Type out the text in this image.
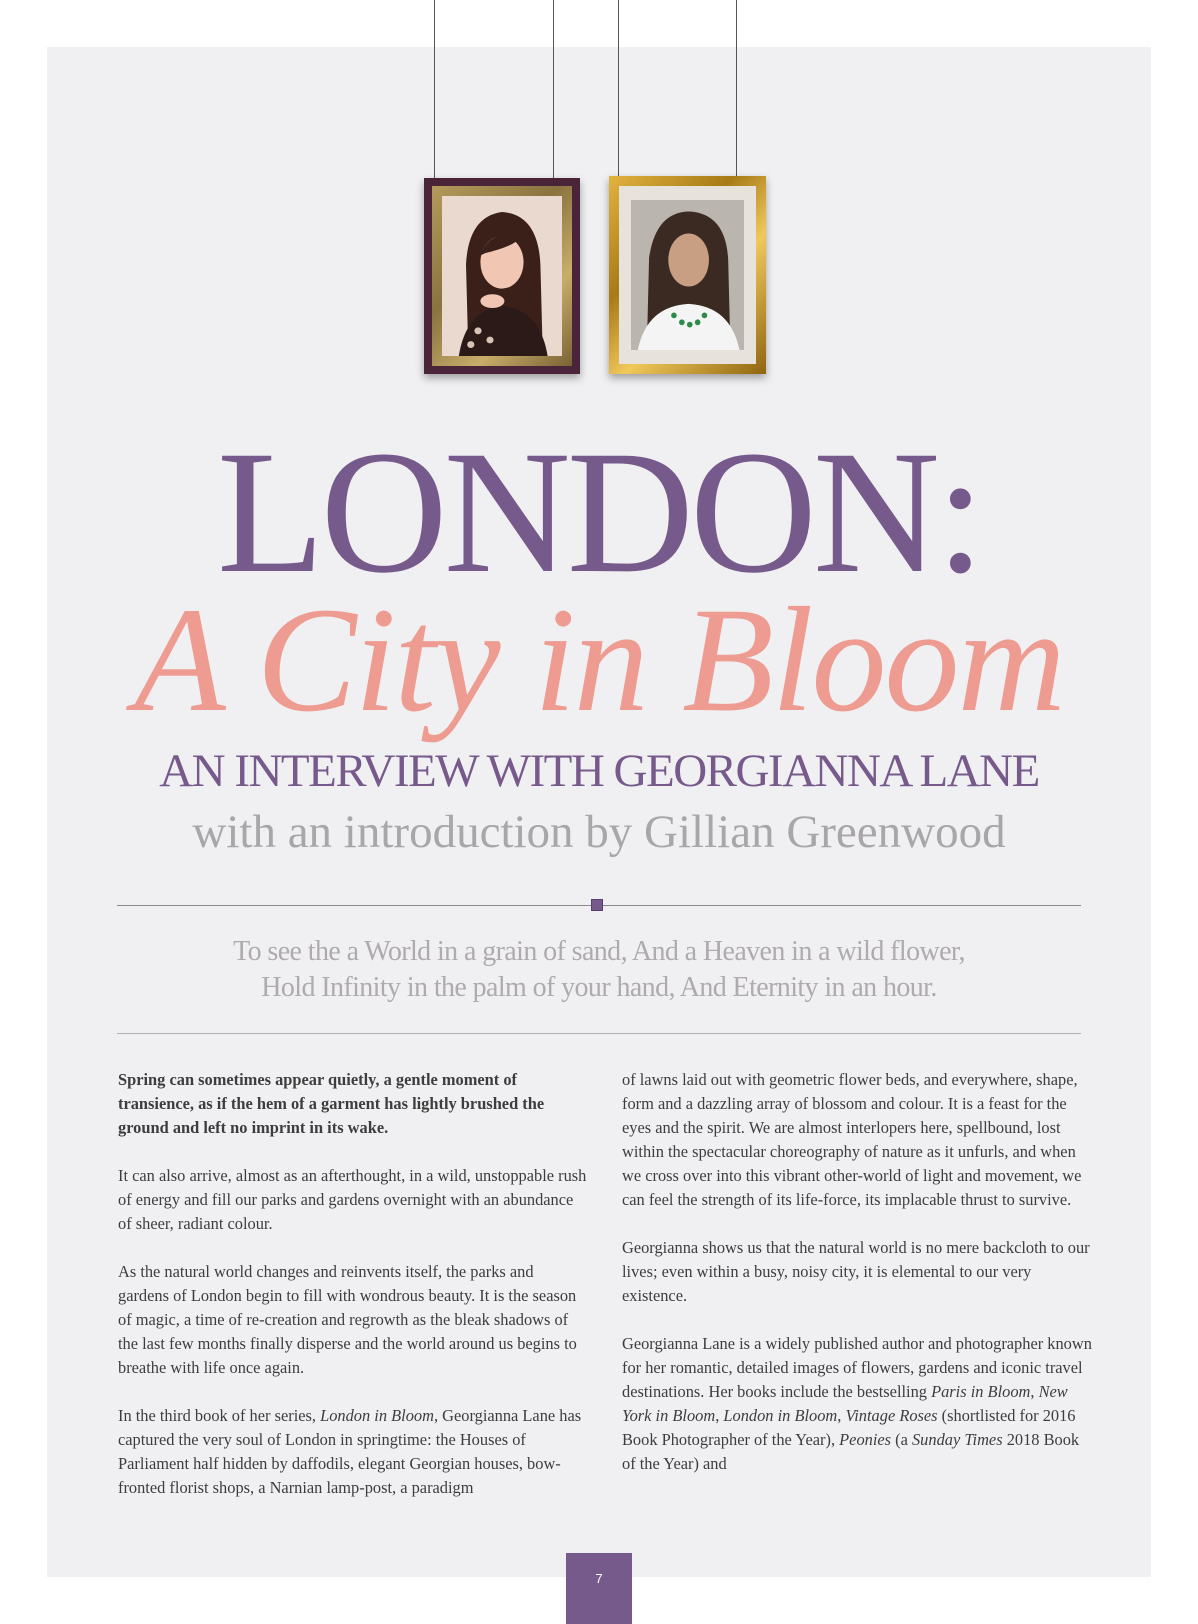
LONDON:
A City in Bloom
AN INTERVIEW WITH GEORGIANNA LANE
with an introduction by Gillian Greenwood
To see the a World in a grain of sand, And a Heaven in a wild flower,
Hold Infinity in the palm of your hand, And Eternity in an hour.

Spring can sometimes appear quietly, a gentle moment of transience, as if the hem of a garment has lightly brushed the ground and left no imprint in its wake.

It can also arrive, almost as an afterthought, in a wild, unstoppable rush of energy and fill our parks and gardens overnight with an abundance of sheer, radiant colour.

As the natural world changes and reinvents itself, the parks and gardens of London begin to fill with wondrous beauty. It is the season of magic, a time of re-creation and regrowth as the bleak shadows of the last few months finally disperse and the world around us begins to breathe with life once again.

In the third book of her series, London in Bloom, Georgianna Lane has captured the very soul of London in springtime: the Houses of Parliament half hidden by daffodils, elegant Georgian houses, bow-fronted florist shops, a Narnian lamp-post, a paradigm

of lawns laid out with geometric flower beds, and everywhere, shape, form and a dazzling array of blossom and colour. It is a feast for the eyes and the spirit. We are almost interlopers here, spellbound, lost within the spectacular choreography of nature as it unfurls, and when we cross over into this vibrant other-world of light and movement, we can feel the strength of its life-force, its implacable thrust to survive.

Georgianna shows us that the natural world is no mere backcloth to our lives; even within a busy, noisy city, it is elemental to our very existence.

Georgianna Lane is a widely published author and photographer known for her romantic, detailed images of flowers, gardens and iconic travel destinations. Her books include the bestselling Paris in Bloom, New York in Bloom, London in Bloom, Vintage Roses (shortlisted for 2016 Book Photographer of the Year), Peonies (a Sunday Times 2018 Book of the Year) and

7
